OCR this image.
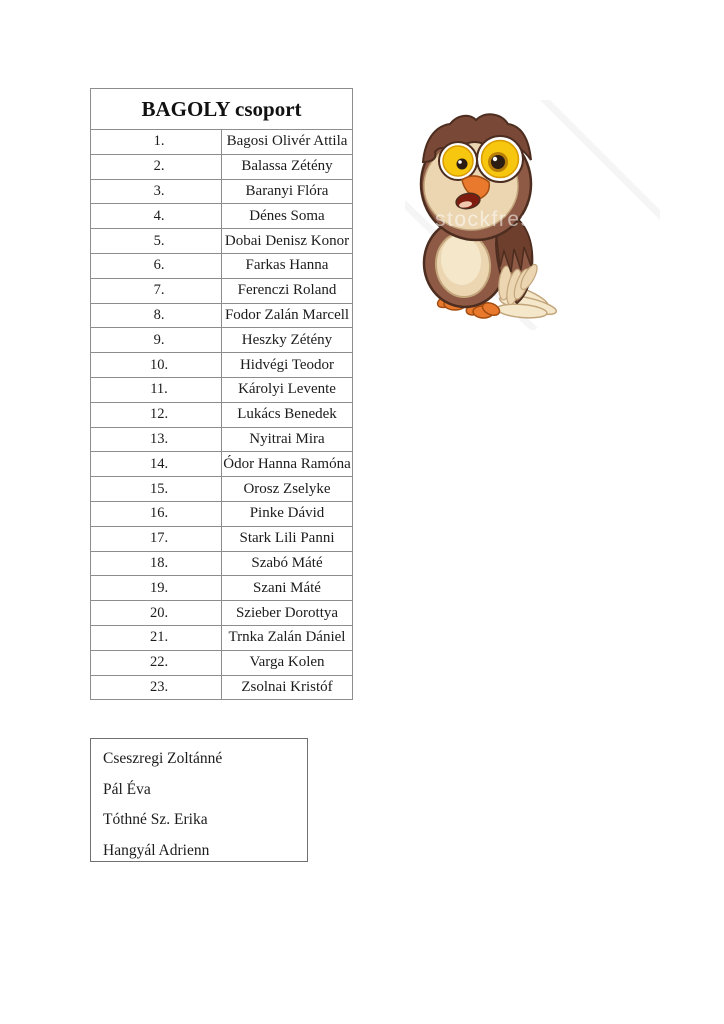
BAGOLY csoport	
1.	Bagosi Olivér Attila
2.	Balassa Zétény
3.	Baranyi Flóra
4.	Dénes Soma
5.	Dobai Denisz Konor
6.	Farkas Hanna
7.	Ferenczi Roland
8.	Fodor Zalán Marcell
9.	Heszky Zétény
10.	Hidvégi Teodor
11.	Károlyi Levente
12.	Lukács Benedek
13.	Nyitrai Mira
14.	Ódor Hanna Ramóna
15.	Orosz Zselyke
16.	Pinke Dávid
17.	Stark Lili Panni
18.	Szabó Máté
19.	Szani Máté
20.	Szieber Dorottya
21.	Trnka Zalán Dániel
22.	Varga Kolen
23.	Zsolnai Kristóf
stockfresh
Cseszregi Zoltánné
Pál Éva
Tóthné Sz. Erika
Hangyál Adrienn
